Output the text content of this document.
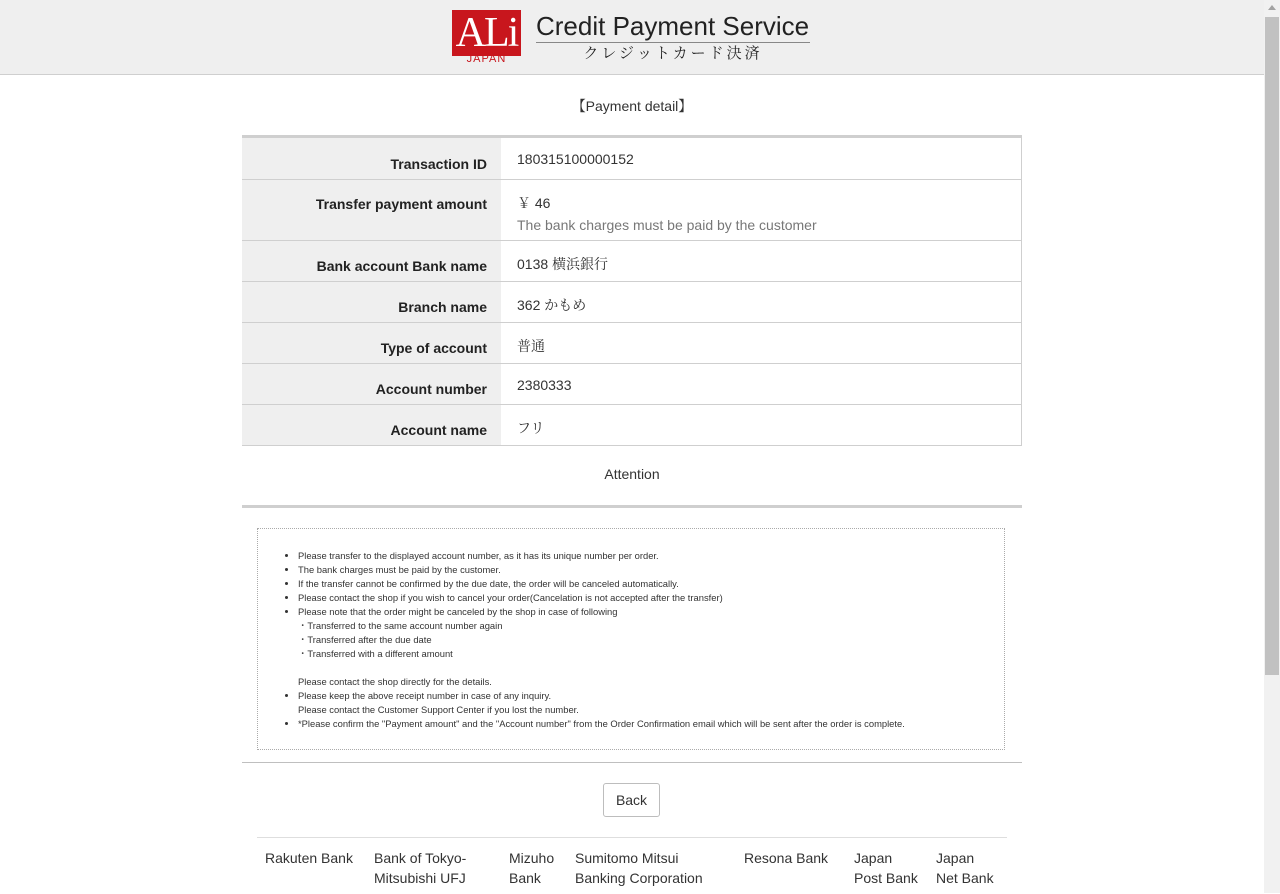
ALi
JAPAN
Credit Payment Service
クレジットカード決済
【Payment detail】
Transaction ID	180315100000152
Transfer payment amount	￥ 46
The bank charges must be paid by the customer
Bank account Bank name	0138 横浜銀行
Branch name	362 かもめ
Type of account	普通
Account number	2380333
Account name	フリ
Attention
• Please transfer to the displayed account number, as it has its unique number per order.
• The bank charges must be paid by the customer.
• If the transfer cannot be confirmed by the due date, the order will be canceled automatically.
• Please contact the shop if you wish to cancel your order(Cancelation is not accepted after the transfer)
• Please note that the order might be canceled by the shop in case of following
・Transferred to the same account number again
・Transferred after the due date
・Transferred with a different amount

Please contact the shop directly for the details.
• Please keep the above receipt number in case of any inquiry.
Please contact the Customer Support Center if you lost the number.
• *Please confirm the "Payment amount" and the "Account number" from the Order Confirmation email which will be sent after the order is complete.
Back
Rakuten Bank Bank of Tokyo-
Mitsubishi UFJ
Mizuho
Bank
Sumitomo Mitsui
Banking Corporation
Resona Bank Japan
Post Bank
Japan
Net Bank
